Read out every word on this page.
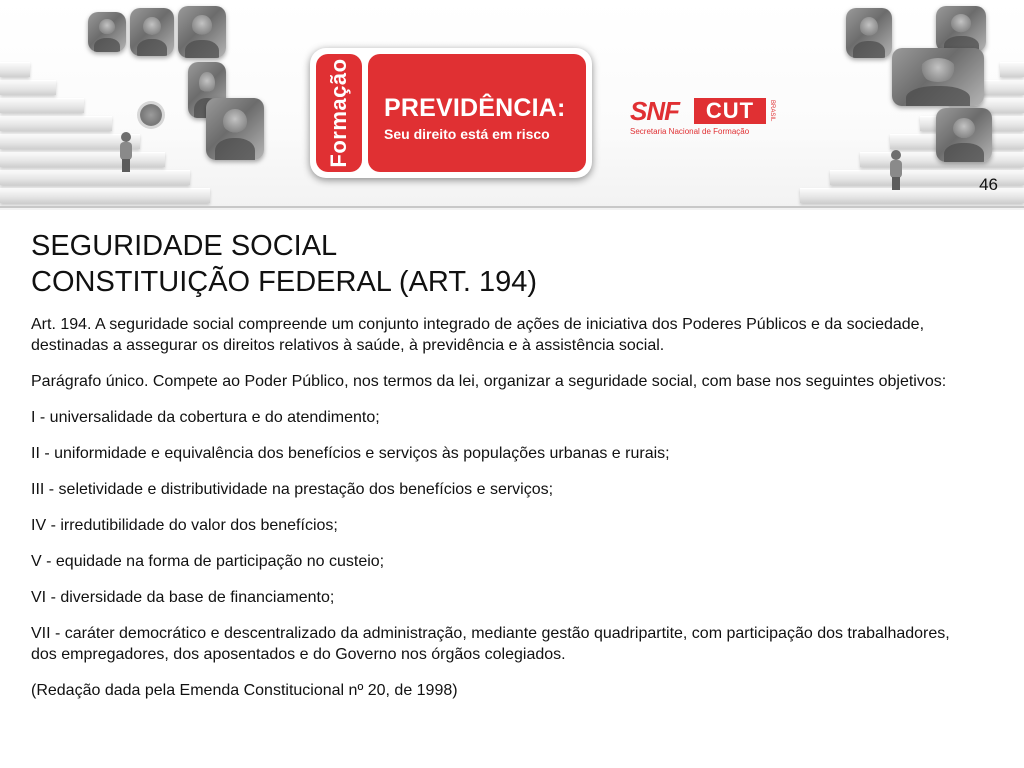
Formação PREVIDÊNCIA:
Seu direito está em risco
SNF	CUT	BRASIL
Secretaria Nacional de Formação
46
SEGURIDADE SOCIAL
CONSTITUIÇÃO FEDERAL (ART. 194)

Art. 194. A seguridade social compreende um conjunto integrado de ações de iniciativa dos Poderes Públicos e da sociedade, destinadas a assegurar os direitos relativos à saúde, à previdência e à assistência social.

Parágrafo único. Compete ao Poder Público, nos termos da lei, organizar a seguridade social, com base nos seguintes objetivos:

I - universalidade da cobertura e do atendimento;

II - uniformidade e equivalência dos benefícios e serviços às populações urbanas e rurais;

III - seletividade e distributividade na prestação dos benefícios e serviços;

IV - irredutibilidade do valor dos benefícios;

V - equidade na forma de participação no custeio;

VI - diversidade da base de financiamento;

VII - caráter democrático e descentralizado da administração, mediante gestão quadripartite, com participação dos trabalhadores, dos empregadores, dos aposentados e do Governo nos órgãos colegiados.

(Redação dada pela Emenda Constitucional nº 20, de 1998)
